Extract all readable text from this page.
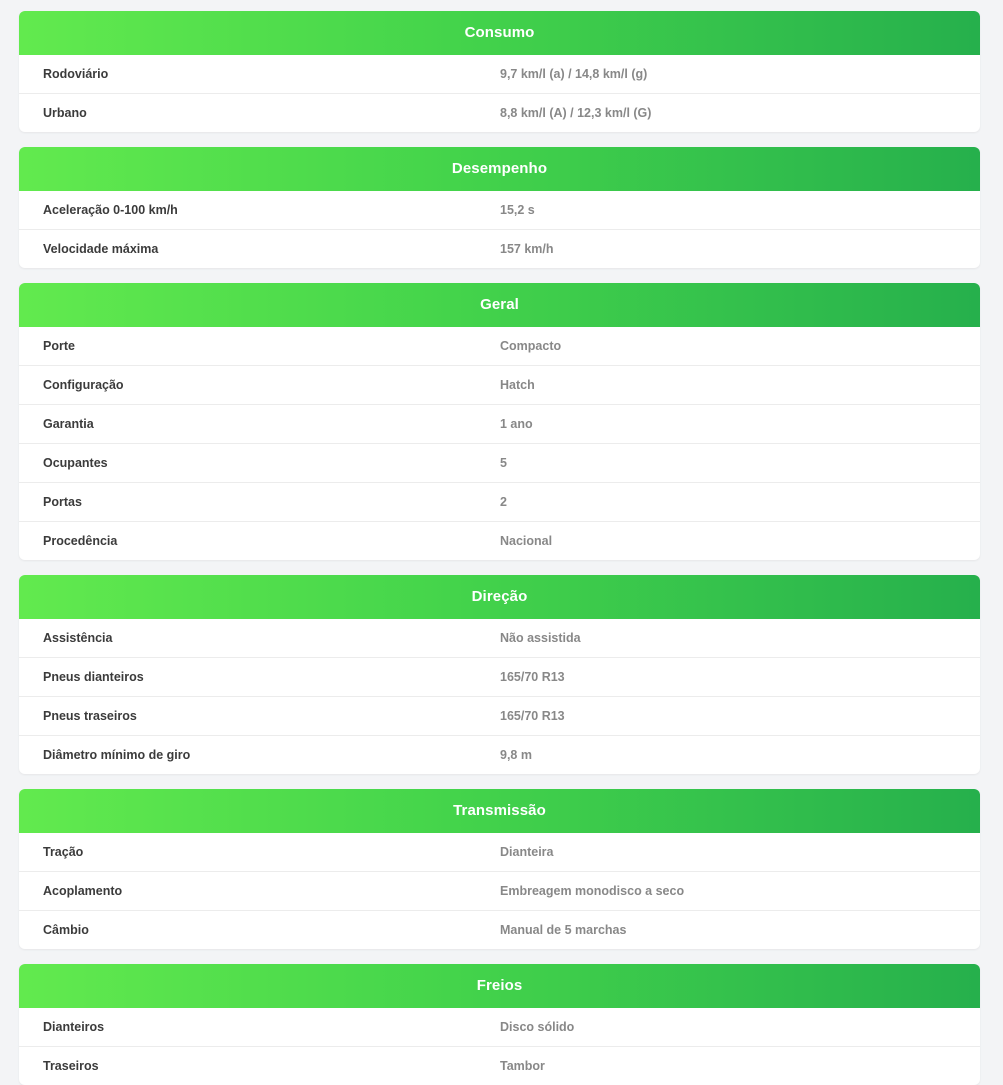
Consumo
Rodoviário	9,7 km/l (a) / 14,8 km/l (g)
Urbano	8,8 km/l (A) / 12,3 km/l (G)
Desempenho
Aceleração 0-100 km/h	15,2 s
Velocidade máxima	157 km/h
Geral
Porte	Compacto
Configuração	Hatch
Garantia	1 ano
Ocupantes	5
Portas	2
Procedência	Nacional
Direção
Assistência	Não assistida
Pneus dianteiros	165/70 R13
Pneus traseiros	165/70 R13
Diâmetro mínimo de giro	9,8 m
Transmissão
Tração	Dianteira
Acoplamento	Embreagem monodisco a seco
Câmbio	Manual de 5 marchas
Freios
Dianteiros	Disco sólido
Traseiros	Tambor
